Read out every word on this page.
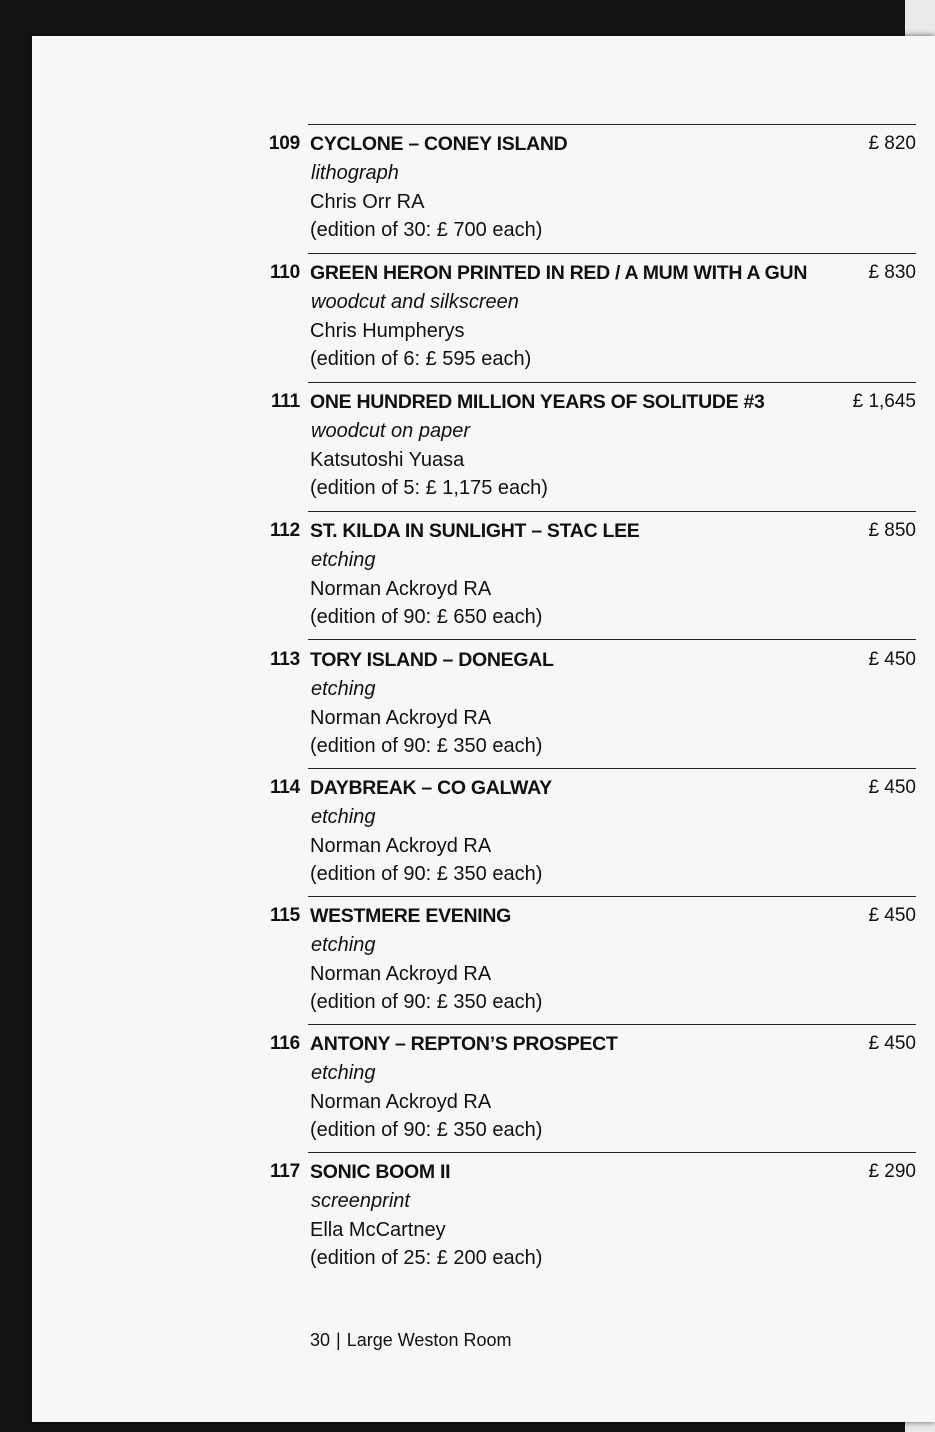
109 CYCLONE – CONEY ISLAND	£ 820
lithograph
Chris Orr RA
(edition of 30: £ 700 each)
110 GREEN HERON PRINTED IN RED / A MUM WITH A GUN	£ 830
woodcut and silkscreen
Chris Humpherys
(edition of 6: £ 595 each)
111 ONE HUNDRED MILLION YEARS OF SOLITUDE #3	£ 1,645
woodcut on paper
Katsutoshi Yuasa
(edition of 5: £ 1,175 each)
112 ST. KILDA IN SUNLIGHT – STAC LEE	£ 850
etching
Norman Ackroyd RA
(edition of 90: £ 650 each)
113 TORY ISLAND – DONEGAL	£ 450
etching
Norman Ackroyd RA
(edition of 90: £ 350 each)
114 DAYBREAK – CO GALWAY	£ 450
etching
Norman Ackroyd RA
(edition of 90: £ 350 each)
115 WESTMERE EVENING	£ 450
etching
Norman Ackroyd RA
(edition of 90: £ 350 each)
116 ANTONY – REPTON’S PROSPECT	£ 450
etching
Norman Ackroyd RA
(edition of 90: £ 350 each)
117 SONIC BOOM II	£ 290
screenprint
Ella McCartney
(edition of 25: £ 200 each)
30 | Large Weston Room
